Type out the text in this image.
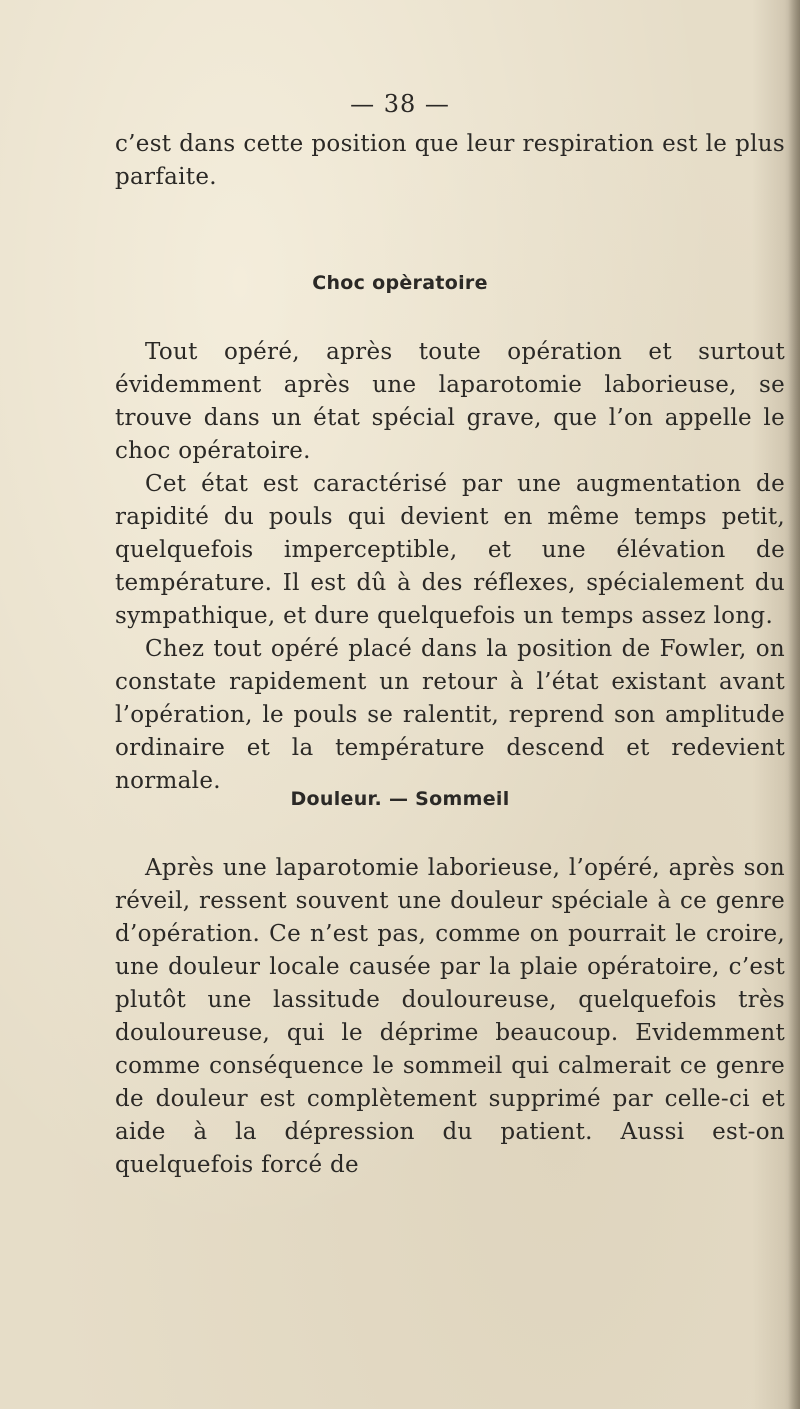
— 38 —

c’est dans cette position que leur respiration est le plus parfaite.

Choc opèratoire

Tout opéré, après toute opération et surtout évidemment après une laparotomie laborieuse, se trouve dans un état spécial grave, que l’on appelle le choc opératoire.

Cet état est caractérisé par une augmentation de rapidité du pouls qui devient en même temps petit, quelquefois imperceptible, et une élévation de température. Il est dû à des réflexes, spécialement du sympathique, et dure quelquefois un temps assez long.

Chez tout opéré placé dans la position de Fowler, on constate rapidement un retour à l’état existant avant l’opération, le pouls se ralentit, reprend son amplitude ordinaire et la température descend et redevient normale.

Douleur. — Sommeil

Après une laparotomie laborieuse, l’opéré, après son réveil, ressent souvent une douleur spéciale à ce genre d’opération. Ce n’est pas, comme on pourrait le croire, une douleur locale causée par la plaie opératoire, c’est plutôt une lassitude douloureuse, quelquefois très douloureuse, qui le déprime beaucoup. Evidemment comme conséquence le sommeil qui calmerait ce genre de douleur est complètement supprimé par celle-ci et aide à la dépression du patient. Aussi est-on quelquefois forcé de
